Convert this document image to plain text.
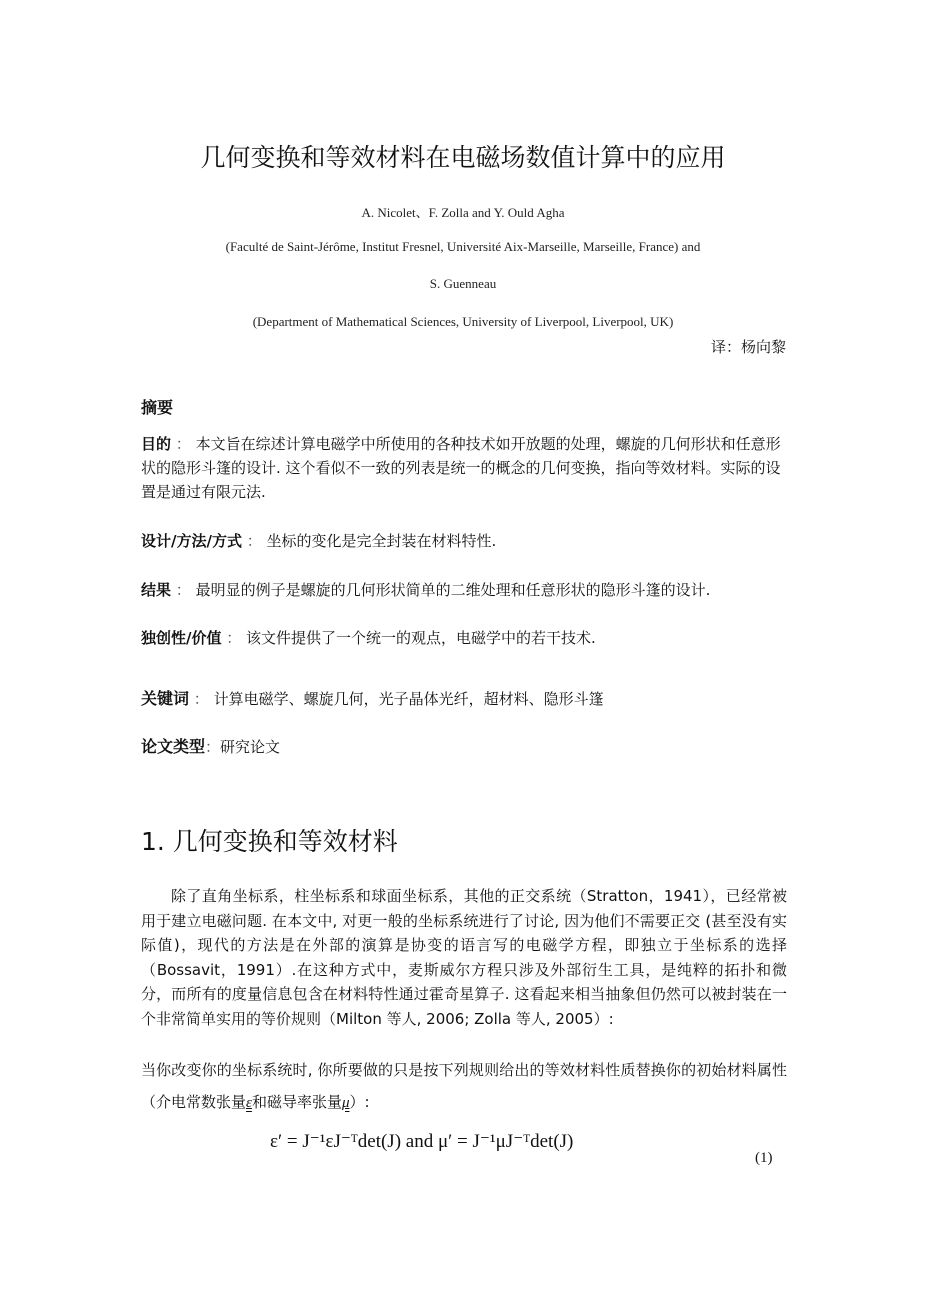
几何变换和等效材料在电磁场数值计算中的应用
A. Nicolet、F. Zolla and Y. Ould Agha
(Faculté de Saint-Jérôme, Institut Fresnel, Université Aix-Marseille, Marseille, France) and
S. Guenneau
(Department of Mathematical Sciences, University of Liverpool, Liverpool, UK)
译：杨向黎
摘要
目的 ： 本文旨在综述计算电磁学中所使用的各种技术如开放题的处理，螺旋的几何形状和任意形状的隐形斗篷的设计. 这个看似不一致的列表是统一的概念的几何变换，指向等效材料。实际的设置是通过有限元法.
设计/方法/方式 ： 坐标的变化是完全封装在材料特性.
结果 ： 最明显的例子是螺旋的几何形状简单的二维处理和任意形状的隐形斗篷的设计.
独创性/价值 ： 该文件提供了一个统一的观点，电磁学中的若干技术.
关键词 ： 计算电磁学、螺旋几何，光子晶体光纤，超材料、隐形斗篷
论文类型：研究论文
1. 几何变换和等效材料
除了直角坐标系，柱坐标系和球面坐标系，其他的正交系统（Stratton，1941），已经常被用于建立电磁问题. 在本文中, 对更一般的坐标系统进行了讨论, 因为他们不需要正交 (甚至没有实际值)，现代的方法是在外部的演算是协变的语言写的电磁学方程，即独立于坐标系的选择（Bossavit，1991）.在这种方式中，麦斯威尔方程只涉及外部衍生工具，是纯粹的拓扑和微分，而所有的度量信息包含在材料特性通过霍奇星算子. 这看起来相当抽象但仍然可以被封装在一个非常简单实用的等价规则（Milton 等人, 2006; Zolla 等人, 2005）:
当你改变你的坐标系统时, 你所要做的只是按下列规则给出的等效材料性质替换你的初始材料属性（介电常数张量ε和磁导率张量μ）:
ε′ = J⁻¹εJ⁻ᵀdet(J) and μ′ = J⁻¹μJ⁻ᵀdet(J)
(1)
